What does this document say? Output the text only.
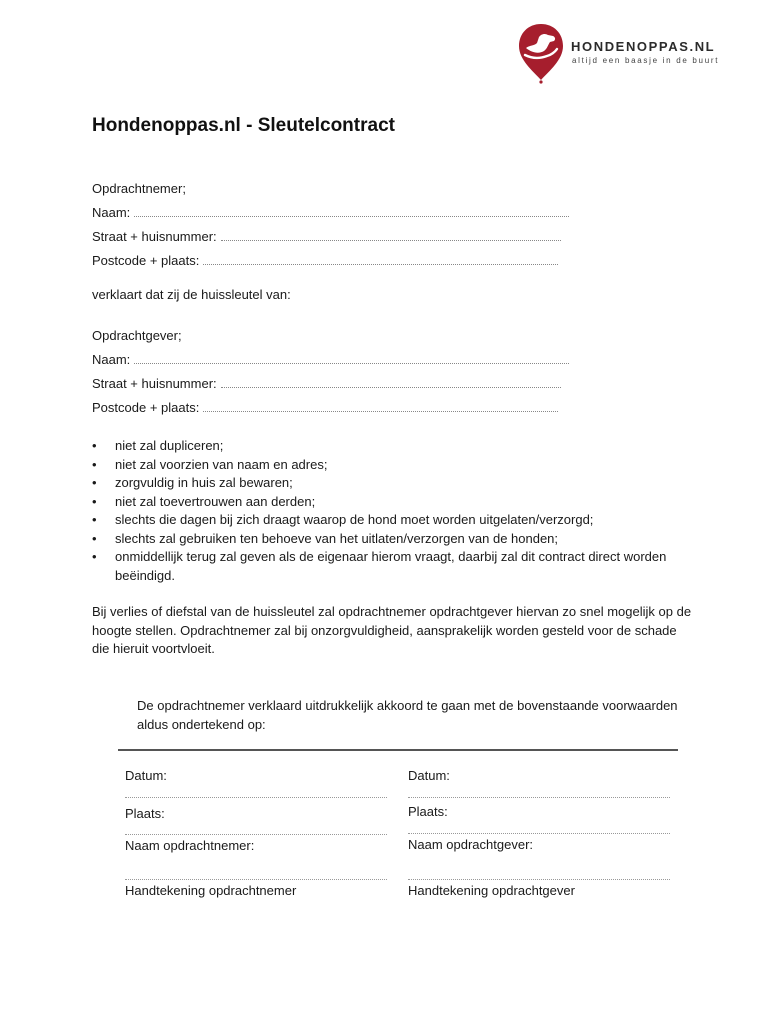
HONDENOPPAS.NL
altijd een baasje in de buurt
Hondenoppas.nl - Sleutelcontract
Opdrachtnemer;
Naam:
Straat + huisnummer:
Postcode + plaats:
verklaart dat zij de huissleutel van:
Opdrachtgever;
Naam:
Straat + huisnummer:
Postcode + plaats:
• niet zal dupliceren;
• niet zal voorzien van naam en adres;
• zorgvuldig in huis zal bewaren;
• niet zal toevertrouwen aan derden;
• slechts die dagen bij zich draagt waarop de hond moet worden uitgelaten/verzorgd;
• slechts zal gebruiken ten behoeve van het uitlaten/verzorgen van de honden;
• onmiddellijk terug zal geven als de eigenaar hierom vraagt, daarbij zal dit contract direct worden beëindigd.
Bij verlies of diefstal van de huissleutel zal opdrachtnemer opdrachtgever hiervan zo snel mogelijk op de hoogte stellen. Opdrachtnemer zal bij onzorgvuldigheid, aansprakelijk worden gesteld voor de schade die hieruit voortvloeit.
De opdrachtnemer verklaard uitdrukkelijk akkoord te gaan met de bovenstaande voorwaarden aldus ondertekend op:
Datum:
Plaats:
Naam opdrachtnemer:
Handtekening opdrachtnemer
Datum:
Plaats:
Naam opdrachtgever:
Handtekening opdrachtgever
